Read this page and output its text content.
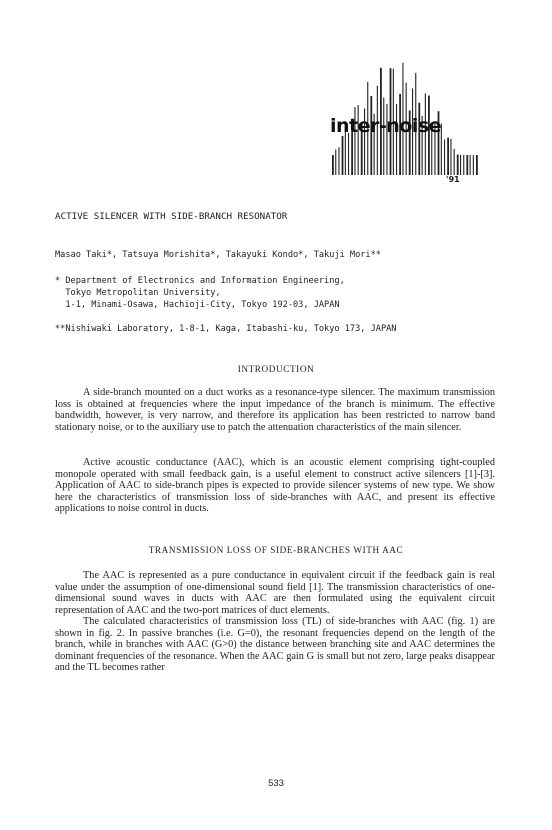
inter-noise
'91
ACTIVE SILENCER WITH SIDE-BRANCH RESONATOR
Masao Taki*, Tatsuya Morishita*, Takayuki Kondo*, Takuji Mori**
* Department of Electronics and Information Engineering,
Tokyo Metropolitan University,
1-1, Minami-Osawa, Hachioji-City, Tokyo 192-03, JAPAN
**Nishiwaki Laboratory, 1-8-1, Kaga, Itabashi-ku, Tokyo 173, JAPAN
INTRODUCTION

A side-branch mounted on a duct works as a resonance-type silencer. The maximum transmission loss is obtained at frequencies where the input impedance of the branch is minimum. The effective bandwidth, however, is very narrow, and therefore its application has been restricted to narrow band stationary noise, or to the auxiliary use to patch the attenuation characteristics of the main silencer.

Active acoustic conductance (AAC), which is an acoustic element comprising tight-coupled monopole operated with small feedback gain, is a useful element to construct active silencers [1]-[3]. Application of AAC to side-branch pipes is expected to provide silencer systems of new type. We show here the characteristics of transmission loss of side-branches with AAC, and present its effective applications to noise control in ducts.

TRANSMISSION LOSS OF SIDE-BRANCHES WITH AAC

The AAC is represented as a pure conductance in equivalent circuit if the feedback gain is real value under the assumption of one-dimensional sound field [1]. The transmission characteristics of one-dimensional sound waves in ducts with AAC are then formulated using the equivalent circuit representation of AAC and the two-port matrices of duct elements.

The calculated characteristics of transmission loss (TL) of side-branches with AAC (fig. 1) are shown in fig. 2. In passive branches (i.e. G=0), the resonant frequencies depend on the length of the branch, while in branches with AAC (G>0) the distance between branching site and AAC determines the dominant frequencies of the resonance. When the AAC gain G is small but not zero, large peaks disappear and the TL becomes rather

533
